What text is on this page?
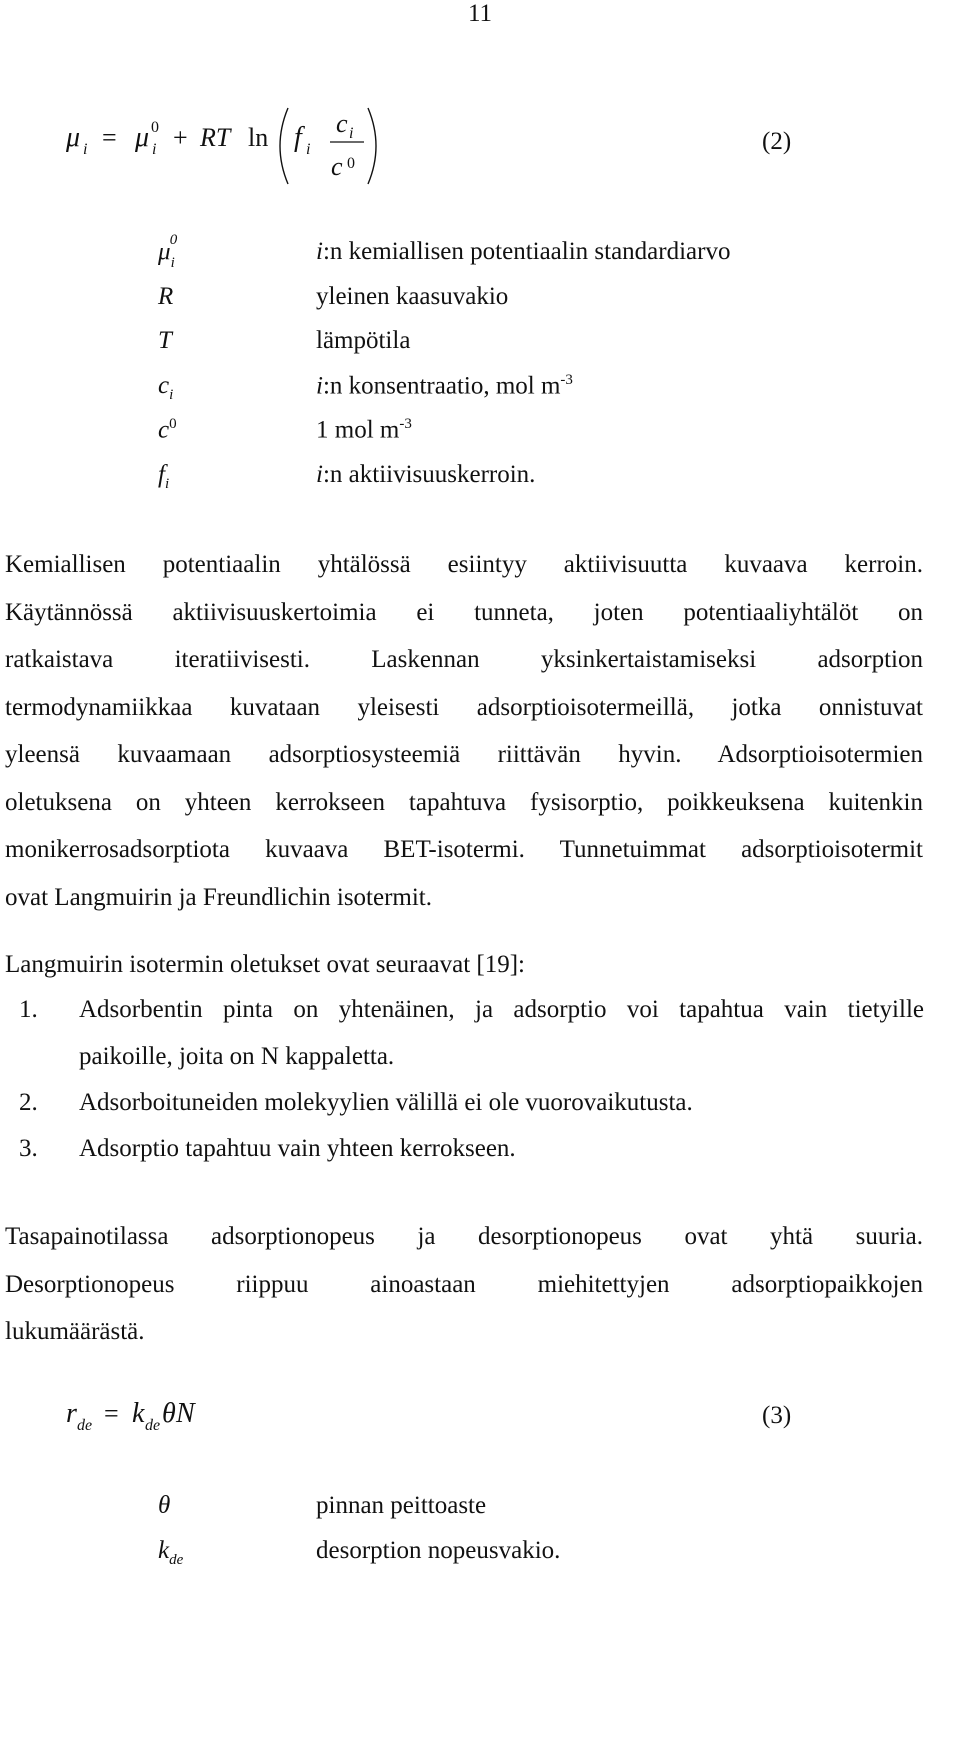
11
μ i = μ 0
i + RT ln f i
c i
c 0
(2)
$\mu_i^0$	i:n kemiallisen potentiaalin standardiarvo
R	yleinen kaasuvakio
T	lämpötila
$c_i$	i:n konsentraatio, mol $m^{-3}$
$c^0$	1 mol $m^{-3}$
$f_i$	i:n aktiivisuuskerroin.
Kemiallisen potentiaalin yhtälössä esiintyy aktiivisuutta kuvaava kerroin.
Käytännössä aktiivisuuskertoimia ei tunneta, joten potentiaaliyhtälöt on
ratkaistava iteratiivisesti. Laskennan yksinkertaistamiseksi adsorption
termodynamiikkaa kuvataan yleisesti adsorptioisotermeillä, jotka onnistuvat
yleensä kuvaamaan adsorptiosysteemiä riittävän hyvin. Adsorptioisotermien
oletuksena on yhteen kerrokseen tapahtuva fysisorptio, poikkeuksena kuitenkin
monikerrosadsorptiota kuvaava BET-isotermi. Tunnetuimmat adsorptioisotermit
ovat Langmuirin ja Freundlichin isotermit.
Langmuirin isotermin oletukset ovat seuraavat [19]:
1. Adsorbentin pinta on yhtenäinen, ja adsorptio voi tapahtua vain tietyille
paikoille, joita on N kappaletta.
2. Adsorboituneiden molekyylien välillä ei ole vuorovaikutusta.
3. Adsorptio tapahtuu vain yhteen kerrokseen.
Tasapainotilassa adsorptionopeus ja desorptionopeus ovat yhtä suuria.
Desorptionopeus riippuu ainoastaan miehitettyjen adsorptiopaikkojen
lukumäärästä.
r de = k de θ N	(3)
θ	pinnan peittoaste
$k_{de}$	desorption nopeusvakio.
